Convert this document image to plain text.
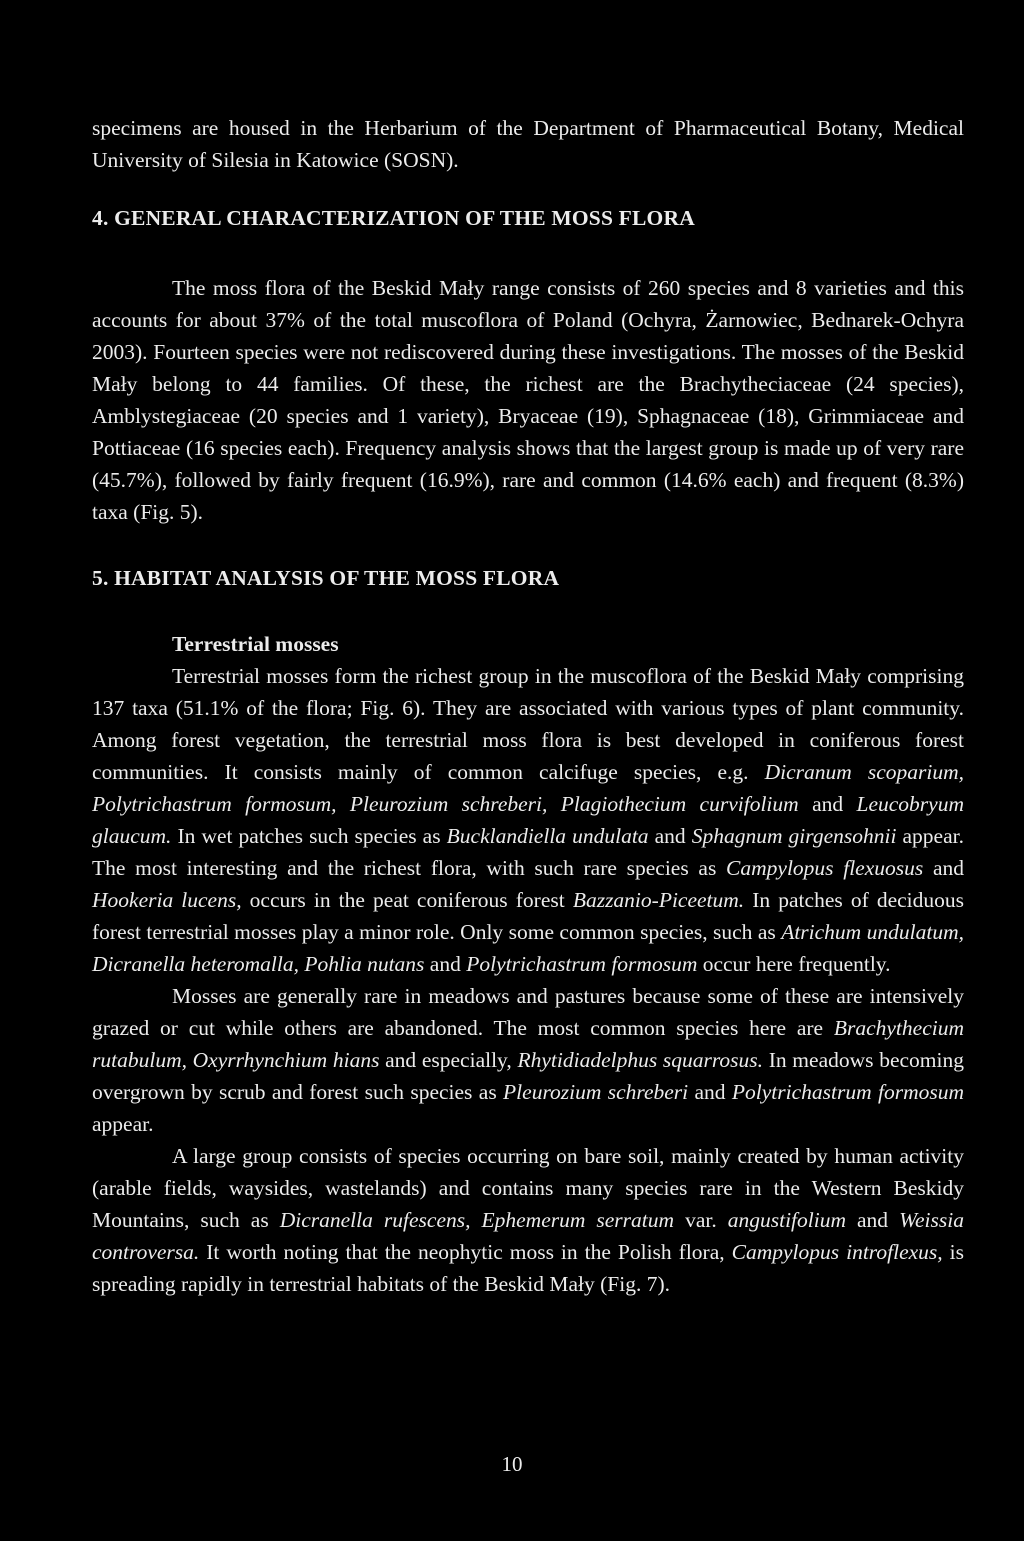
specimens are housed in the Herbarium of the Department of Pharmaceutical Botany, Medical University of Silesia in Katowice (SOSN).

4. GENERAL CHARACTERIZATION OF THE MOSS FLORA

The moss flora of the Beskid Mały range consists of 260 species and 8 varieties and this accounts for about 37% of the total muscoflora of Poland (Ochyra, Żarnowiec, Bednarek-Ochyra 2003). Fourteen species were not rediscovered during these investigations. The mosses of the Beskid Mały belong to 44 families. Of these, the richest are the Brachytheciaceae (24 species), Amblystegiaceae (20 species and 1 variety), Bryaceae (19), Sphagnaceae (18), Grimmiaceae and Pottiaceae (16 species each). Frequency analysis shows that the largest group is made up of very rare (45.7%), followed by fairly frequent (16.9%), rare and common (14.6% each) and frequent (8.3%) taxa (Fig. 5).

5. HABITAT ANALYSIS OF THE MOSS FLORA
Terrestrial mosses

Terrestrial mosses form the richest group in the muscoflora of the Beskid Mały comprising 137 taxa (51.1% of the flora; Fig. 6). They are associated with various types of plant community. Among forest vegetation, the terrestrial moss flora is best developed in coniferous forest communities. It consists mainly of common calcifuge species, e.g. Dicranum scoparium, Polytrichastrum formosum, Pleurozium schreberi, Plagiothecium curvifolium and Leucobryum glaucum. In wet patches such species as Bucklandiella undulata and Sphagnum girgensohnii appear. The most interesting and the richest flora, with such rare species as Campylopus flexuosus and Hookeria lucens, occurs in the peat coniferous forest Bazzanio-Piceetum. In patches of deciduous forest terrestrial mosses play a minor role. Only some common species, such as Atrichum undulatum, Dicranella heteromalla, Pohlia nutans and Polytrichastrum formosum occur here frequently.

Mosses are generally rare in meadows and pastures because some of these are intensively grazed or cut while others are abandoned. The most common species here are Brachythecium rutabulum, Oxyrrhynchium hians and especially, Rhytidiadelphus squarrosus. In meadows becoming overgrown by scrub and forest such species as Pleurozium schreberi and Polytrichastrum formosum appear.

A large group consists of species occurring on bare soil, mainly created by human activity (arable fields, waysides, wastelands) and contains many species rare in the Western Beskidy Mountains, such as Dicranella rufescens, Ephemerum serratum var. angustifolium and Weissia controversa. It worth noting that the neophytic moss in the Polish flora, Campylopus introflexus, is spreading rapidly in terrestrial habitats of the Beskid Mały (Fig. 7).

10
